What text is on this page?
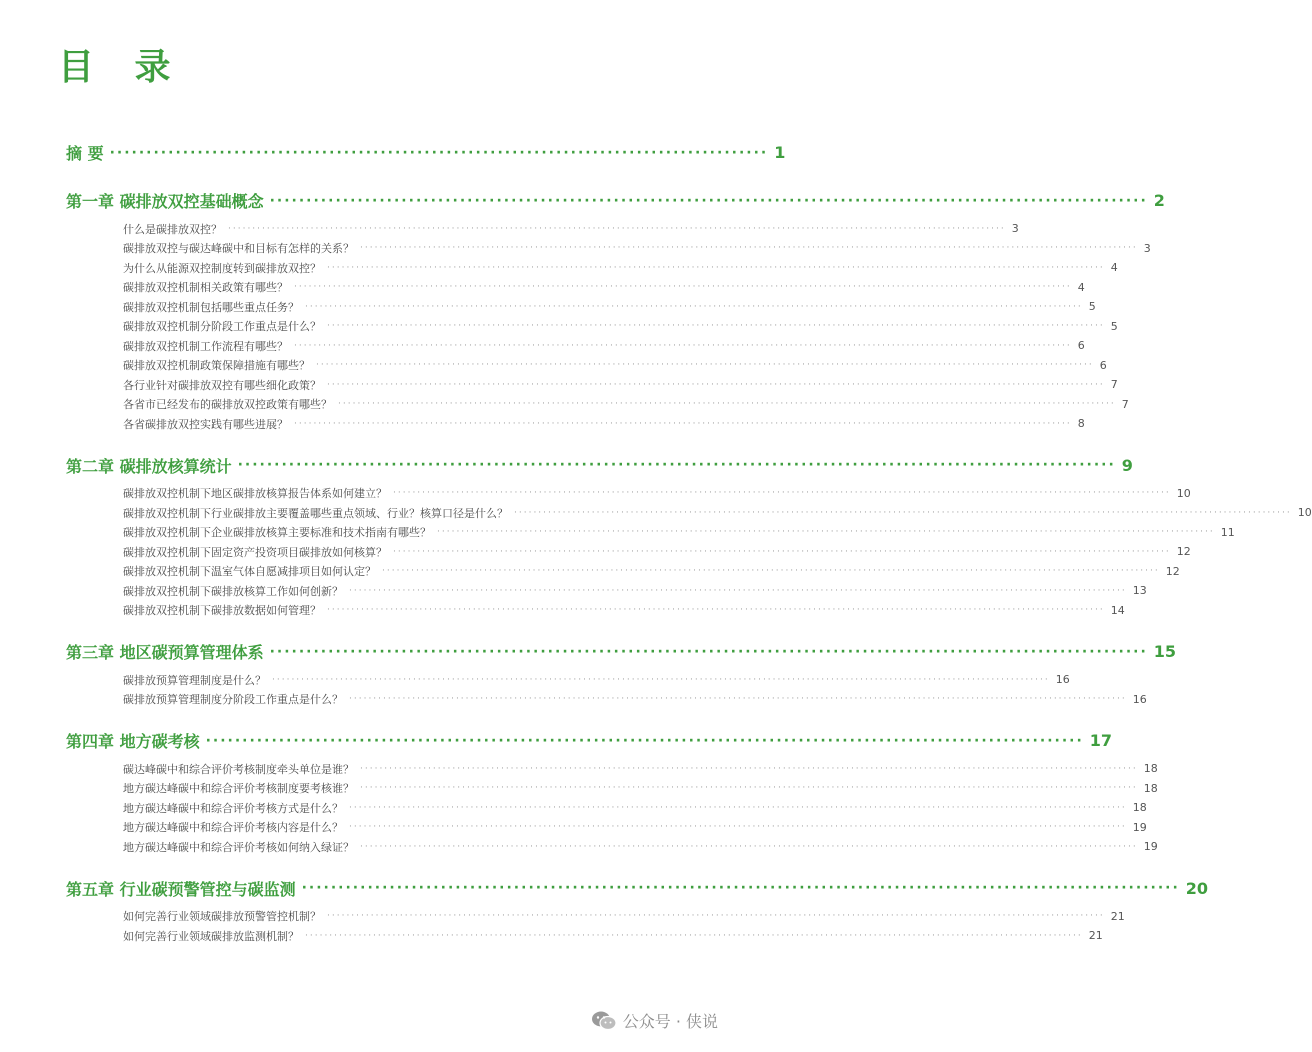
目 录
摘 要 ·························································································· 1
第一章 碳排放双控基础概念 ························································································································ 2
什么是碳排放双控？ ································································································································································ 3
碳排放双控与碳达峰碳中和目标有怎样的关系？ ································································································································································ 3
为什么从能源双控制度转到碳排放双控？ ································································································································································ 4
碳排放双控机制相关政策有哪些？ ································································································································································ 4
碳排放双控机制包括哪些重点任务？ ································································································································································ 5
碳排放双控机制分阶段工作重点是什么？ ································································································································································ 5
碳排放双控机制工作流程有哪些？ ································································································································································ 6
碳排放双控机制政策保障措施有哪些？ ································································································································································ 6
各行业针对碳排放双控有哪些细化政策？ ································································································································································ 7
各省市已经发布的碳排放双控政策有哪些？ ································································································································································ 7
各省碳排放双控实践有哪些进展？ ································································································································································ 8
第二章 碳排放核算统计 ························································································································ 9
碳排放双控机制下地区碳排放核算报告体系如何建立？ ································································································································································ 10
碳排放双控机制下行业碳排放主要覆盖哪些重点领域、行业？核算口径是什么？ ································································································································································ 10
碳排放双控机制下企业碳排放核算主要标准和技术指南有哪些？ ································································································································································ 11
碳排放双控机制下固定资产投资项目碳排放如何核算？ ································································································································································ 12
碳排放双控机制下温室气体自愿减排项目如何认定？ ································································································································································ 12
碳排放双控机制下碳排放核算工作如何创新？ ································································································································································ 13
碳排放双控机制下碳排放数据如何管理？ ································································································································································ 14
第三章 地区碳预算管理体系 ························································································································ 15
碳排放预算管理制度是什么？ ································································································································································ 16
碳排放预算管理制度分阶段工作重点是什么？ ································································································································································ 16
第四章 地方碳考核 ························································································································ 17
碳达峰碳中和综合评价考核制度牵头单位是谁？ ································································································································································ 18
地方碳达峰碳中和综合评价考核制度要考核谁？ ································································································································································ 18
地方碳达峰碳中和综合评价考核方式是什么？ ································································································································································ 18
地方碳达峰碳中和综合评价考核内容是什么？ ································································································································································ 19
地方碳达峰碳中和综合评价考核如何纳入绿证？ ································································································································································ 19
第五章 行业碳预警管控与碳监测 ························································································································ 20
如何完善行业领域碳排放预警管控机制？ ································································································································································ 21
如何完善行业领域碳排放监测机制？ ································································································································································ 21
公众号 · 侠说
